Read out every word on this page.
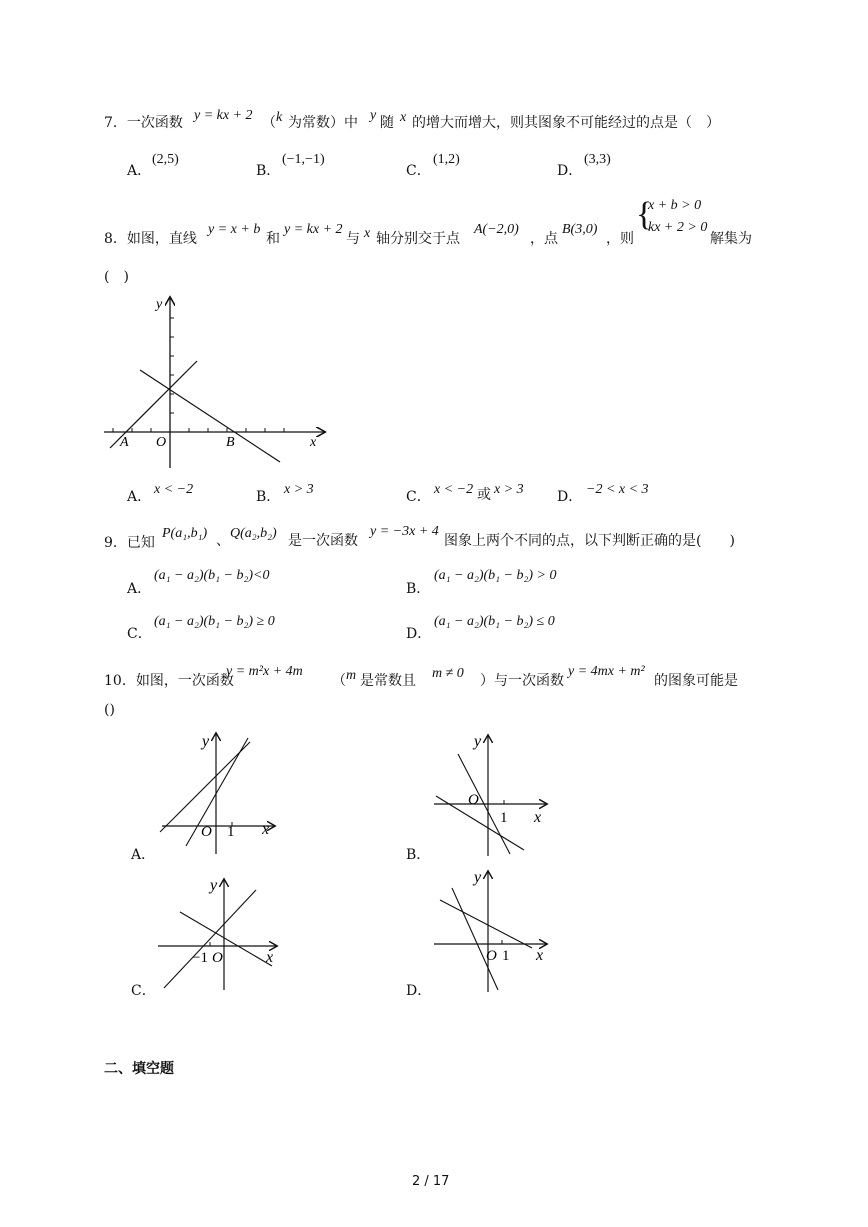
7．一次函数 y = kx + 2 （ k 为常数）中 y 随 x 的增大而增大，则其图象不可能经过的点是（　）
A．
(2,5)
B．
(−1,−1)
C．
(1,2)
D．
(3,3)
8．如图，直线
y = x + b
和
y = kx + 2
与 x 轴分别交于点
A(−2,0)
，点
B(3,0)
，则
{
x + b > 0
kx + 2 > 0
解集为
(　)
y
x
O
A	B
A． x < −2	B． x > 3	C． x < −2 或 x > 3 D． −2 < x < 3
9．已知
P(a₁,b₁) 、 Q(a₂,b₂) 是一次函数
y = −3x + 4
图象上两个不同的点，以下判断正确的是(　　)
A．
(a₁ − a₂)(b₁ − b₂)<0
B．
(a₁ − a₂)(b₁ − b₂) > 0
C．
(a₁ − a₂)(b₁ − b₂) ≥ 0
D．
(a₁ − a₂)(b₁ − b₂) ≤ 0
10．如图，一次函数
y = m²x + 4m
（ m 是常数且 m ≠ 0 ）与一次函数
y = 4mx + m²
的图象可能是
()
y
x
O 1
A．
y
x
O
1
B．
y
x
−1 O
C．
y
x
O 1
D．
二、填空题
2 / 17
